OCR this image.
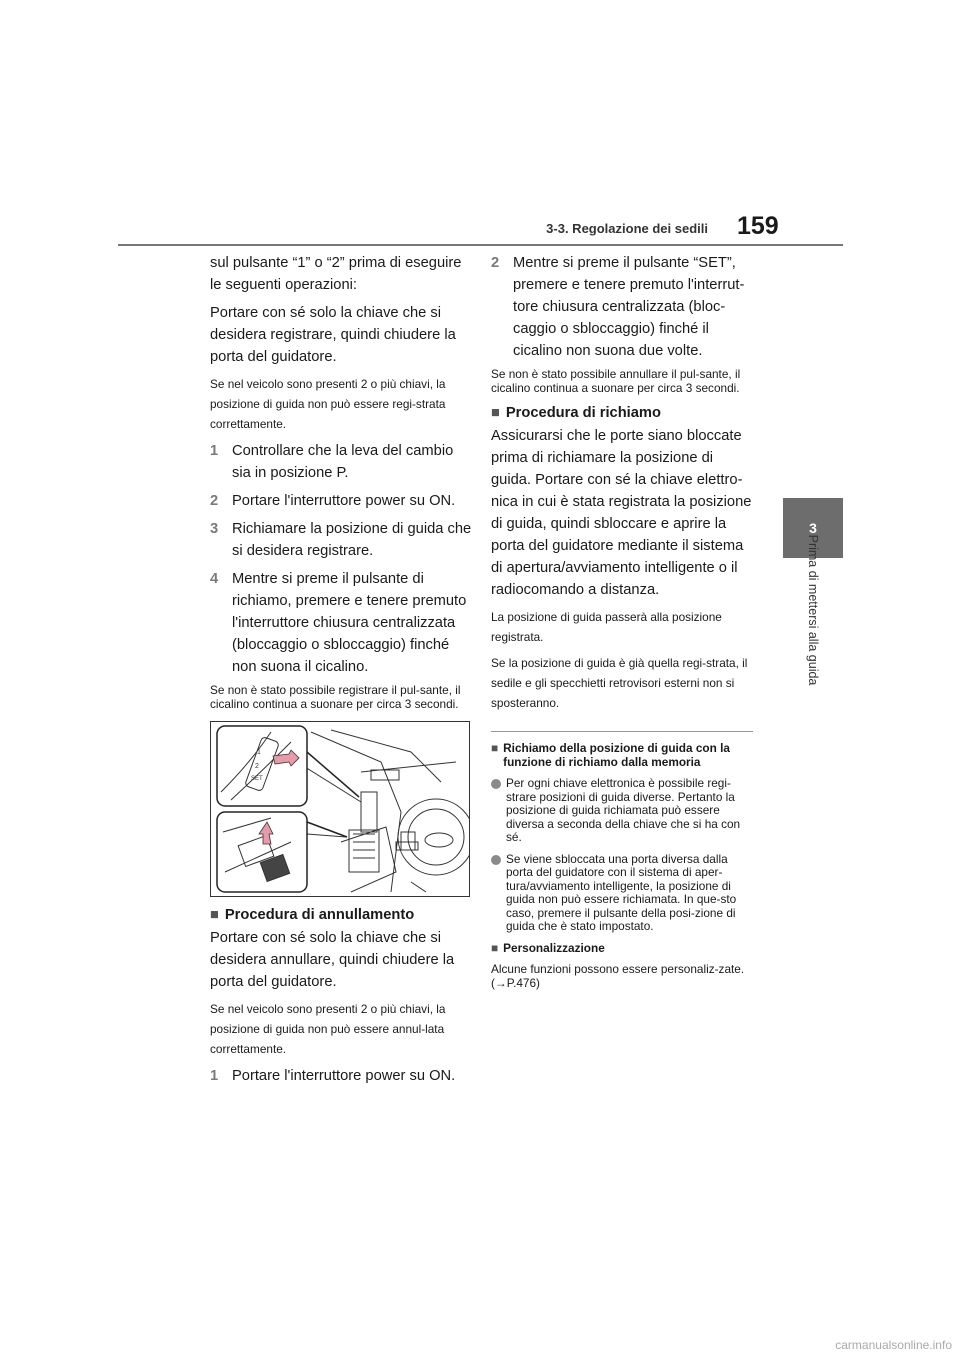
3-3. Regolazione dei sedili 159
3
Prima di mettersi alla guida

sul pulsante “1” o “2” prima di eseguire le seguenti operazioni:

Portare con sé solo la chiave che si desidera registrare, quindi chiudere la porta del guidatore.

Se nel veicolo sono presenti 2 o più chiavi, la posizione di guida non può essere regi-strata correttamente.

1 Controllare che la leva del cambio sia in posizione P.
2 Portare l'interruttore power su ON.
3 Richiamare la posizione di guida che si desidera registrare.
4 Mentre si preme il pulsante di richiamo, premere e tenere premuto l'interruttore chiusura centralizzata (bloccaggio o sbloccaggio) finché non suona il cicalino.

Se non è stato possibile registrare il pul-sante, il cicalino continua a suonare per circa 3 secondi.

1
2
SET
■ Procedura di annullamento

Portare con sé solo la chiave che si desidera annullare, quindi chiudere la porta del guidatore.

Se nel veicolo sono presenti 2 o più chiavi, la posizione di guida non può essere annul-lata correttamente.

1 Portare l'interruttore power su ON.
2 Mentre si preme il pulsante “SET”, premere e tenere premuto l'interrut-tore chiusura centralizzata (bloc-caggio o sbloccaggio) finché il cicalino non suona due volte.

Se non è stato possibile annullare il pul-sante, il cicalino continua a suonare per circa 3 secondi.

■ Procedura di richiamo

Assicurarsi che le porte siano bloccate prima di richiamare la posizione di guida. Portare con sé la chiave elettro-nica in cui è stata registrata la posizione di guida, quindi sbloccare e aprire la porta del guidatore mediante il sistema di apertura/avviamento intelligente o il radiocomando a distanza.

La posizione di guida passerà alla posizione registrata.

Se la posizione di guida è già quella regi-strata, il sedile e gli specchietti retrovisori esterni non si sposteranno.

■ Richiamo della posizione di guida con la funzione di richiamo dalla memoria
Per ogni chiave elettronica è possibile regi-strare posizioni di guida diverse. Pertanto la posizione di guida richiamata può essere diversa a seconda della chiave che si ha con sé.
Se viene sbloccata una porta diversa dalla porta del guidatore con il sistema di aper-tura/avviamento intelligente, la posizione di guida non può essere richiamata. In que-sto caso, premere il pulsante della posi-zione di guida che è stato impostato.
■ Personalizzazione

Alcune funzioni possono essere personaliz-zate. (→P.476)

carmanualsonline.info
